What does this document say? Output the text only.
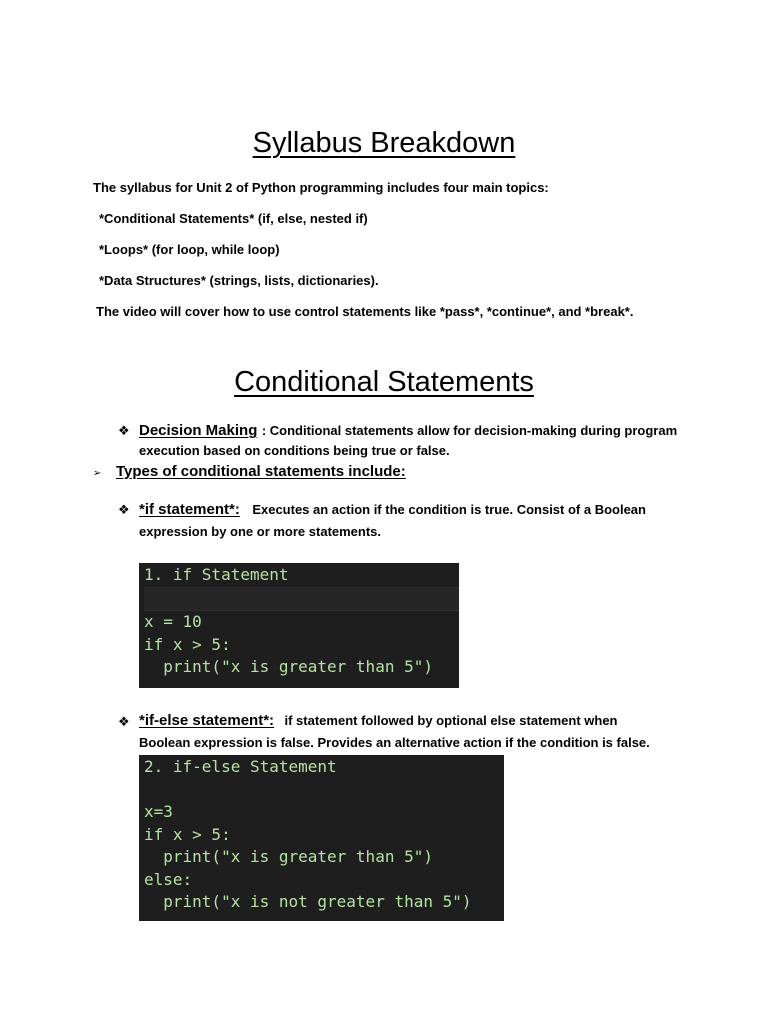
Syllabus Breakdown
The syllabus for Unit 2 of Python programming includes four main topics:
*Conditional Statements* (if, else, nested if)
*Loops* (for loop, while loop)
*Data Structures* (strings, lists, dictionaries).
The video will cover how to use control statements like *pass*, *continue*, and *break*.
Conditional Statements
❖ Decision Making : Conditional statements allow for decision-making during program
execution based on conditions being true or false.
➢ Types of conditional statements include:
❖ *if statement*: Executes an action if the condition is true. Consist of a Boolean
expression by one or more statements.
1. if Statement
x = 10
if x > 5:
print("x is greater than 5")
❖ *if-else statement*: if statement followed by optional else statement when
Boolean expression is false. Provides an alternative action if the condition is false.
2. if-else Statement
x=3
if x > 5:
print("x is greater than 5")
else:
print("x is not greater than 5")
